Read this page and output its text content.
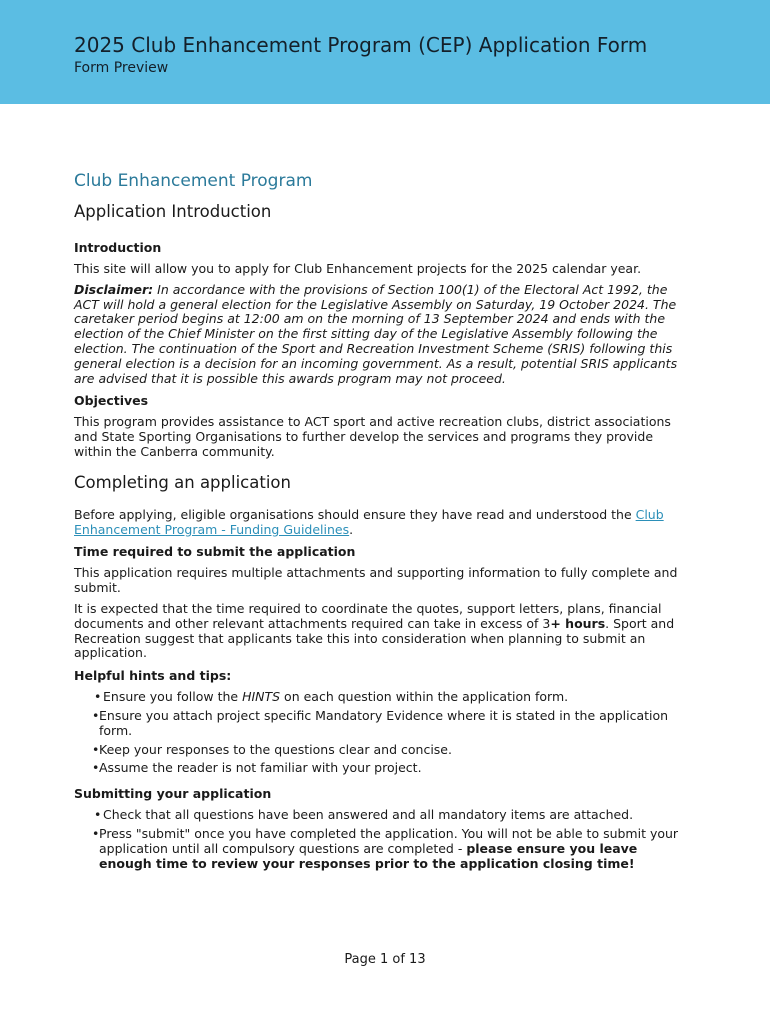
2025 Club Enhancement Program (CEP) Application Form
Form Preview
Club Enhancement Program
Application Introduction
Introduction
This site will allow you to apply for Club Enhancement projects for the 2025 calendar year.
Disclaimer: In accordance with the provisions of Section 100(1) of the Electoral Act 1992, the ACT will hold a general election for the Legislative Assembly on Saturday, 19 October 2024. The caretaker period begins at 12:00 am on the morning of 13 September 2024 and ends with the election of the Chief Minister on the first sitting day of the Legislative Assembly following the election. The continuation of the Sport and Recreation Investment Scheme (SRIS) following this general election is a decision for an incoming government. As a result, potential SRIS applicants are advised that it is possible this awards program may not proceed.
Objectives
This program provides assistance to ACT sport and active recreation clubs, district associations and State Sporting Organisations to further develop the services and programs they provide within the Canberra community.
Completing an application
Before applying, eligible organisations should ensure they have read and understood the Club Enhancement Program - Funding Guidelines.
Time required to submit the application
This application requires multiple attachments and supporting information to fully complete and submit.
It is expected that the time required to coordinate the quotes, support letters, plans, financial documents and other relevant attachments required can take in excess of 3+ hours. Sport and Recreation suggest that applicants take this into consideration when planning to submit an application.
Helpful hints and tips:
• Ensure you follow the HINTS on each question within the application form.
• Ensure you attach project specific Mandatory Evidence where it is stated in the application form.
• Keep your responses to the questions clear and concise.
• Assume the reader is not familiar with your project.
Submitting your application
• Check that all questions have been answered and all mandatory items are attached.
• Press "submit" once you have completed the application. You will not be able to submit your application until all compulsory questions are completed - please ensure you leave enough time to review your responses prior to the application closing time!
Page 1 of 13
